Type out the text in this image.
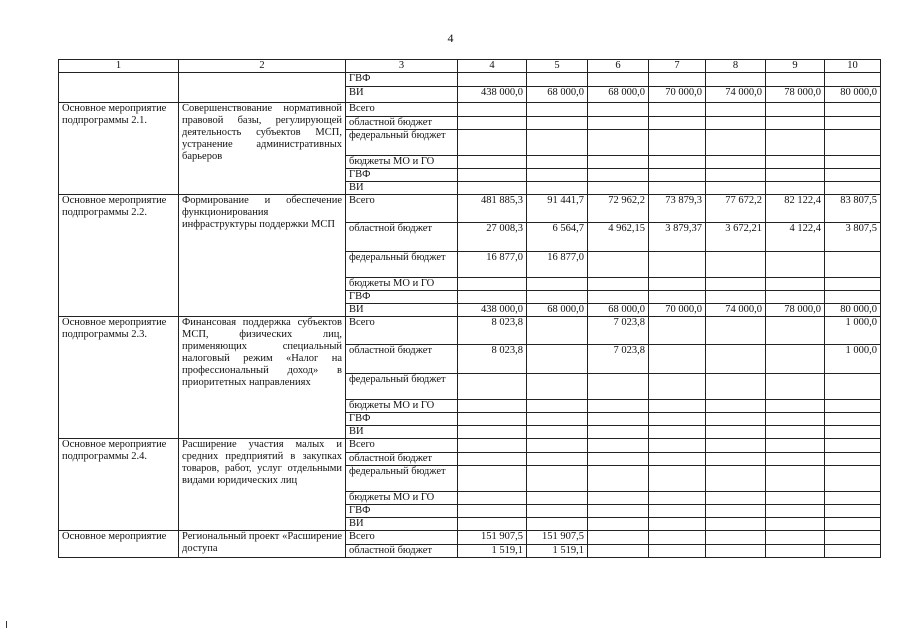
4
1	2	3	4	5	6	7	8	9	10
		ГВФ							
		ВИ	438 000,0	68 000,0	68 000,0	70 000,0	74 000,0	78 000,0	80 000,0
Основное мероприятие подпрограммы 2.1.	Совершенствование нормативной правовой базы, регулирующей деятельность субъектов МСП, устранение административных барьеров	Всего							
		областной бюджет							
		федеральный бюджет							
		бюджеты МО и ГО							
		ГВФ							
		ВИ							
Основное мероприятие подпрограммы 2.2.	Формирование и обеспечение функционирования инфраструктуры поддержки МСП	Всего	481 885,3	91 441,7	72 962,2	73 879,3	77 672,2	82 122,4	83 807,5
		областной бюджет	27 008,3	6 564,7	4 962,15	3 879,37	3 672,21	4 122,4	3 807,5
		федеральный бюджет	16 877,0	16 877,0					
		бюджеты МО и ГО							
		ГВФ							
		ВИ	438 000,0	68 000,0	68 000,0	70 000,0	74 000,0	78 000,0	80 000,0
Основное мероприятие подпрограммы 2.3.	Финансовая поддержка субъектов МСП, физических лиц, применяющих специальный налоговый режим «Налог на профессиональный доход» в приоритетных направлениях	Всего	8 023,8		7 023,8				1 000,0
		областной бюджет	8 023,8		7 023,8				1 000,0
		федеральный бюджет							
		бюджеты МО и ГО							
		ГВФ							
		ВИ							
Основное мероприятие подпрограммы 2.4.	Расширение участия малых и средних предприятий в закупках товаров, работ, услуг отдельными видами юридических лиц	Всего							
		областной бюджет							
		федеральный бюджет							
		бюджеты МО и ГО							
		ГВФ							
		ВИ							
Основное мероприятие	Региональный проект «Расширение доступа	Всего	151 907,5	151 907,5					
		областной бюджет	1 519,1	1 519,1					
